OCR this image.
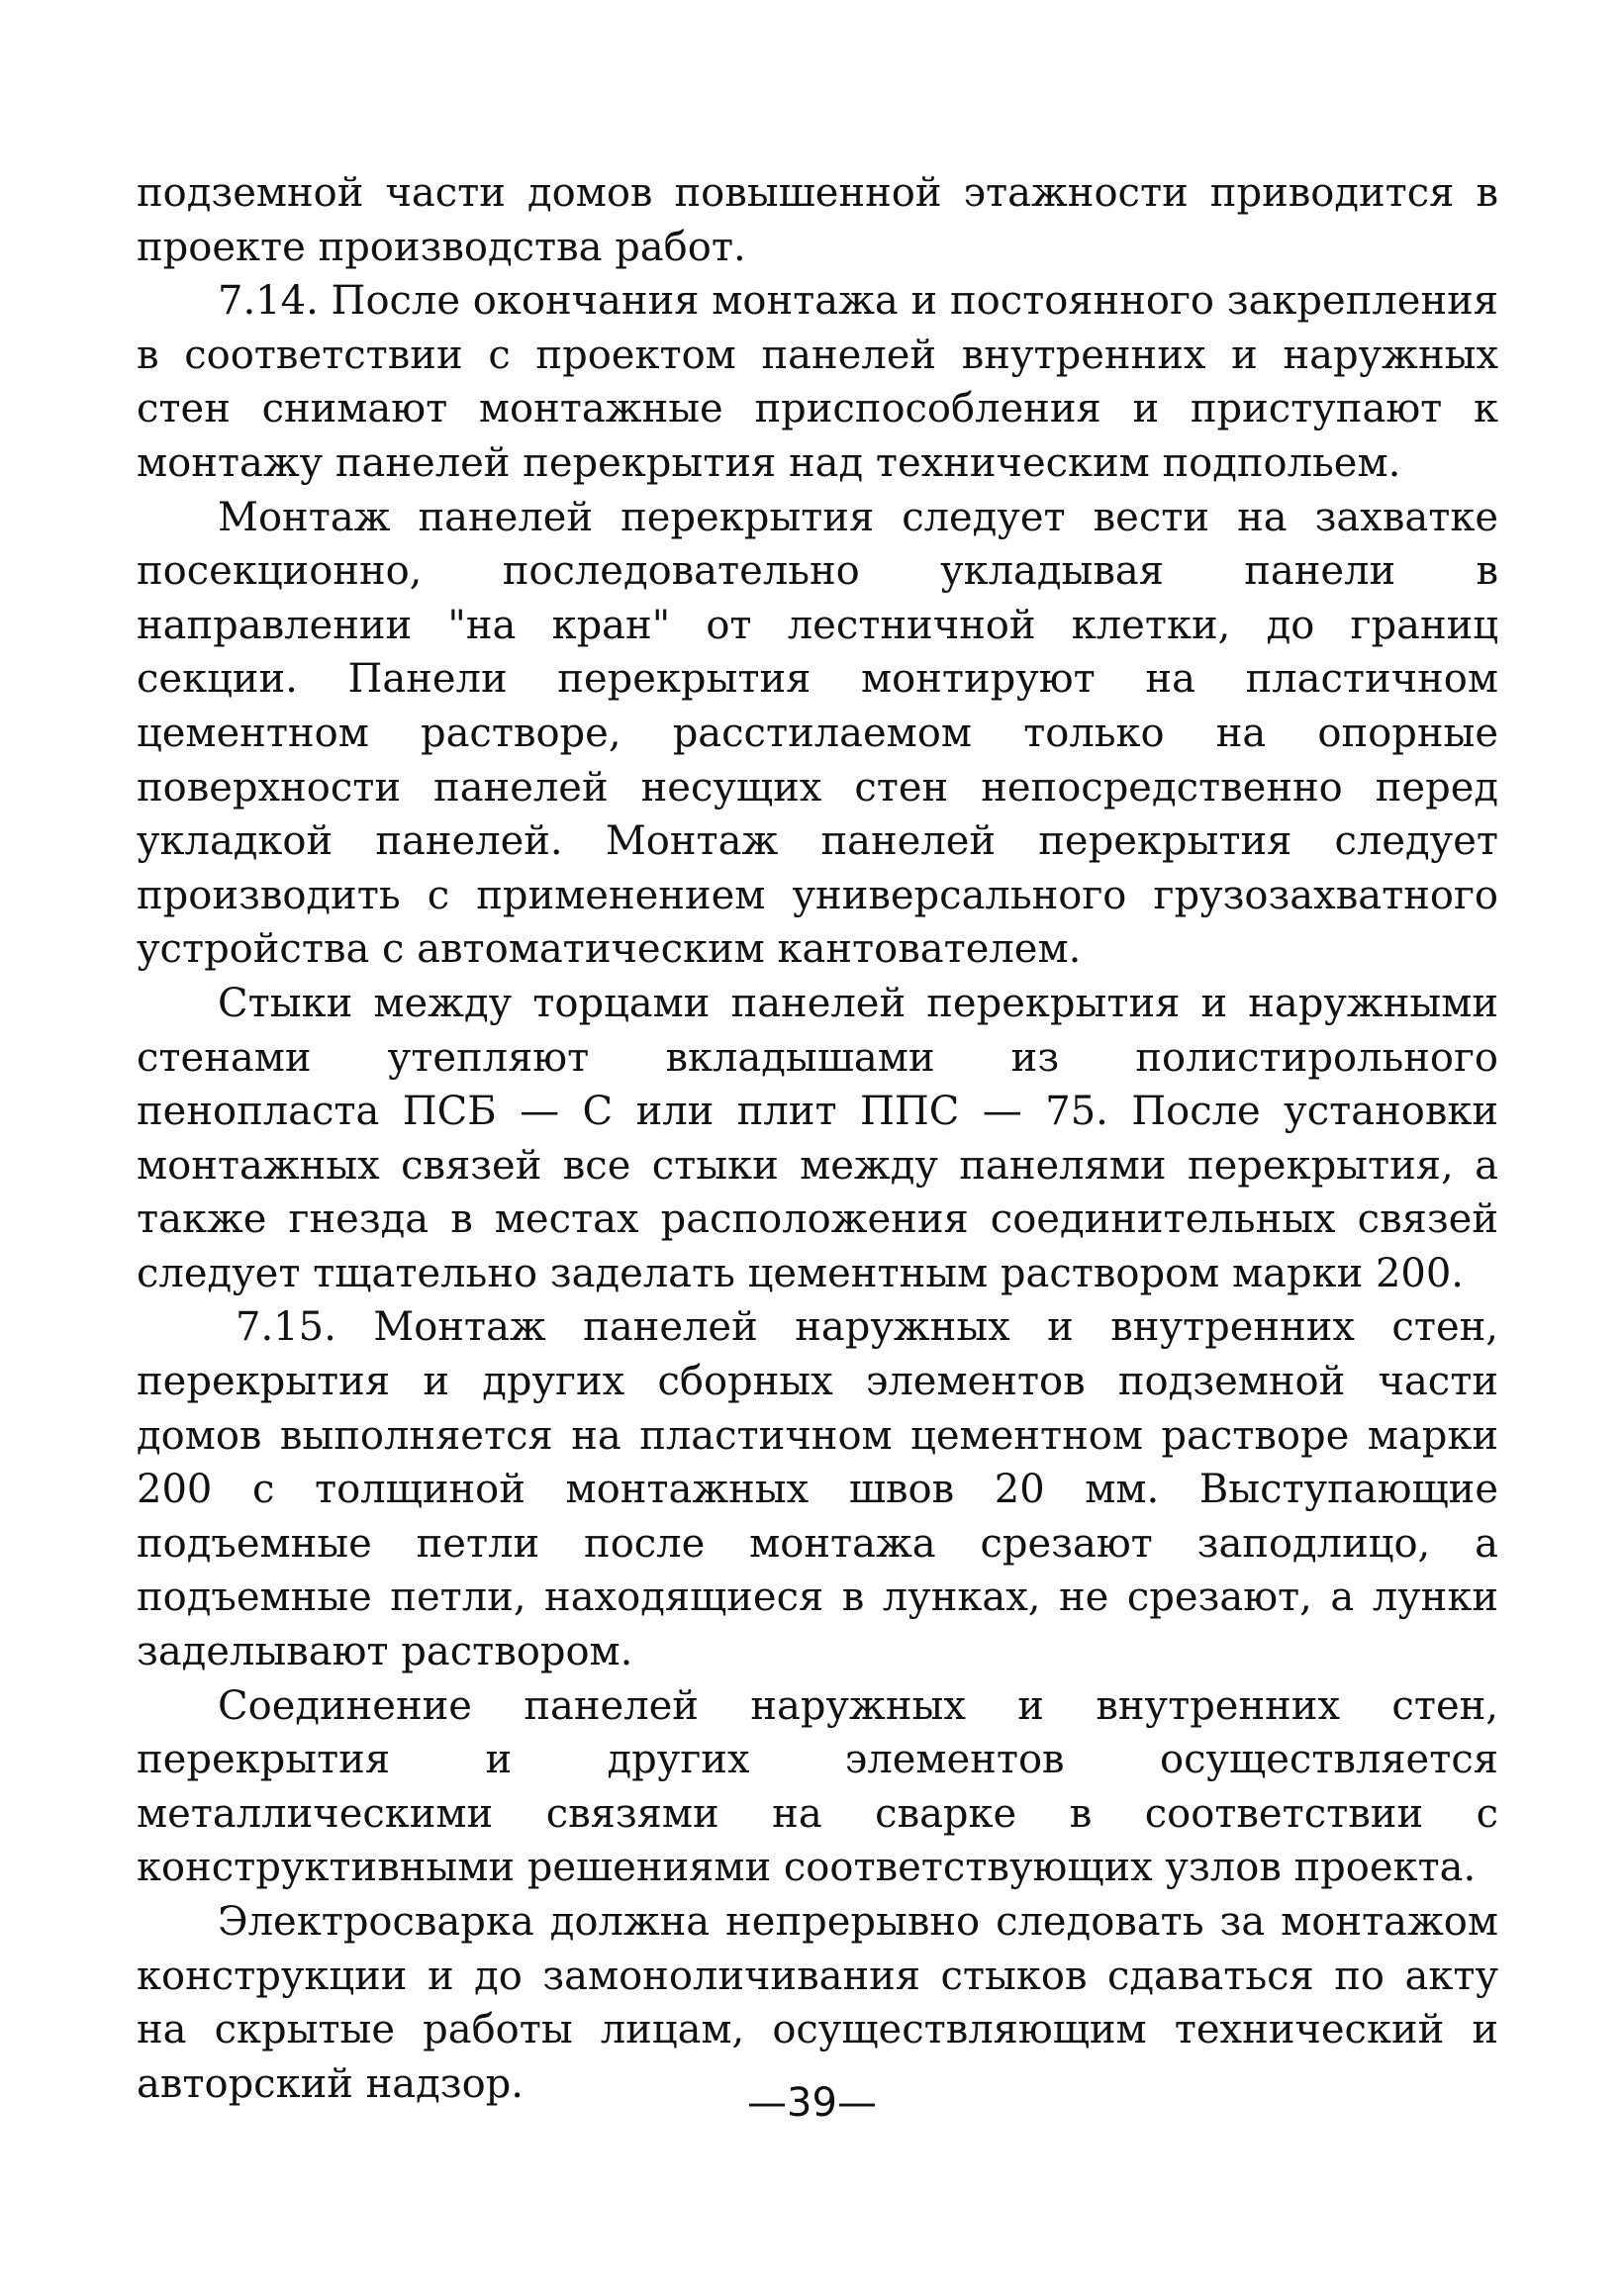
подземной части домов повышенной этажности приводится в проекте производства работ.

7.14. После окончания монтажа и постоянного закрепления в соответствии с проектом панелей внутренних и наружных стен снимают монтажные приспособления и приступают к монтажу панелей перекрытия над техническим подпольем.

Монтаж панелей перекрытия следует вести на захватке посекционно, последовательно укладывая панели в направлении "на кран" от лестничной клетки, до границ секции. Панели перекрытия монтируют на пластичном цементном растворе, расстилаемом только на опорные поверхности панелей несущих стен непосредственно перед укладкой панелей. Монтаж панелей перекрытия следует производить с применением универсального грузозахватного устройства с автоматическим кантователем.

Стыки между торцами панелей перекрытия и наружными стенами утепляют вкладышами из полистирольного пенопласта ПСБ — С или плит ППС — 75. После установки монтажных связей все стыки между панелями перекрытия, а также гнезда в местах расположения соединительных связей следует тщательно заделать цементным раствором марки 200.

7.15. Монтаж панелей наружных и внутренних стен, перекрытия и других сборных элементов подземной части домов выполняется на пластичном цементном растворе марки 200 с толщиной монтажных швов 20 мм. Выступающие подъемные петли после монтажа срезают заподлицо, а подъемные петли, находящиеся в лунках, не срезают, а лунки заделывают раствором.

Соединение панелей наружных и внутренних стен, перекрытия и других элементов осуществляется металлическими связями на сварке в соответствии с конструктивными решениями соответствующих узлов проекта.

Электросварка должна непрерывно следовать за монтажом конструкции и до замоноличивания стыков сдаваться по акту на скрытые работы лицам, осуществляющим технический и авторский надзор.	—39—
